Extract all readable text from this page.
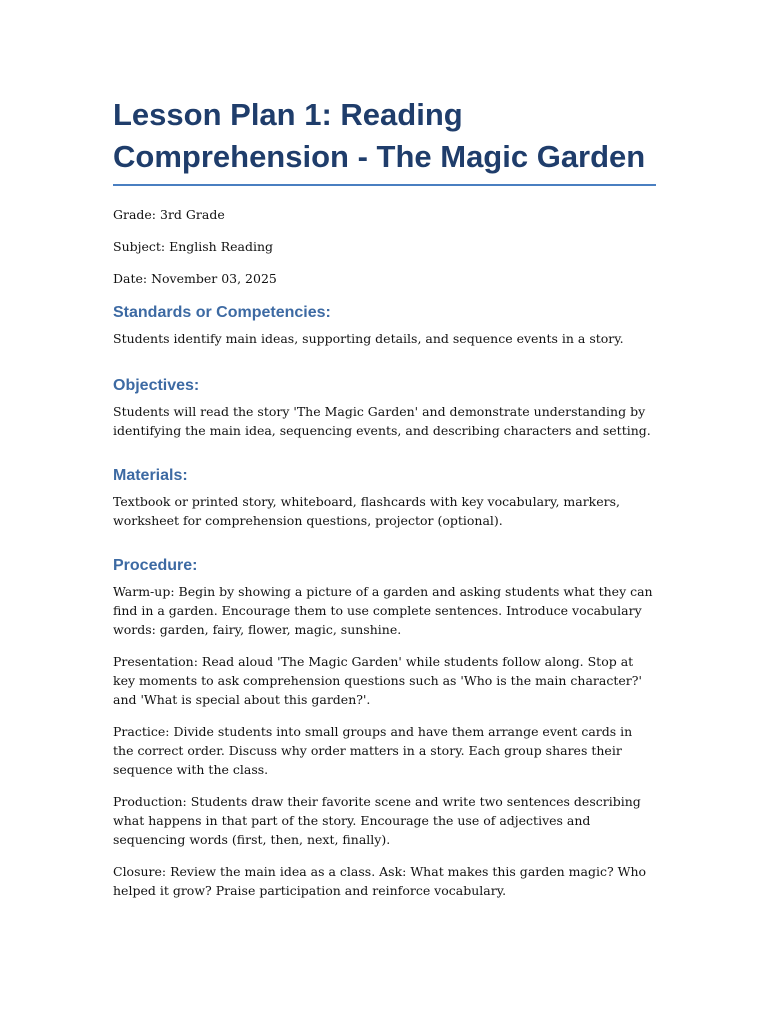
Lesson Plan 1: Reading Comprehension - The Magic Garden

Grade: 3rd Grade

Subject: English Reading

Date: November 03, 2025

Standards or Competencies:

Students identify main ideas, supporting details, and sequence events in a story.

Objectives:

Students will read the story 'The Magic Garden' and demonstrate understanding by identifying the main idea, sequencing events, and describing characters and setting.

Materials:

Textbook or printed story, whiteboard, flashcards with key vocabulary, markers, worksheet for comprehension questions, projector (optional).

Procedure:

Warm-up: Begin by showing a picture of a garden and asking students what they can find in a garden. Encourage them to use complete sentences. Introduce vocabulary words: garden, fairy, flower, magic, sunshine.

Presentation: Read aloud 'The Magic Garden' while students follow along. Stop at key moments to ask comprehension questions such as 'Who is the main character?' and 'What is special about this garden?'.

Practice: Divide students into small groups and have them arrange event cards in the correct order. Discuss why order matters in a story. Each group shares their sequence with the class.

Production: Students draw their favorite scene and write two sentences describing what happens in that part of the story. Encourage the use of adjectives and sequencing words (first, then, next, finally).

Closure: Review the main idea as a class. Ask: What makes this garden magic? Who helped it grow? Praise participation and reinforce vocabulary.
